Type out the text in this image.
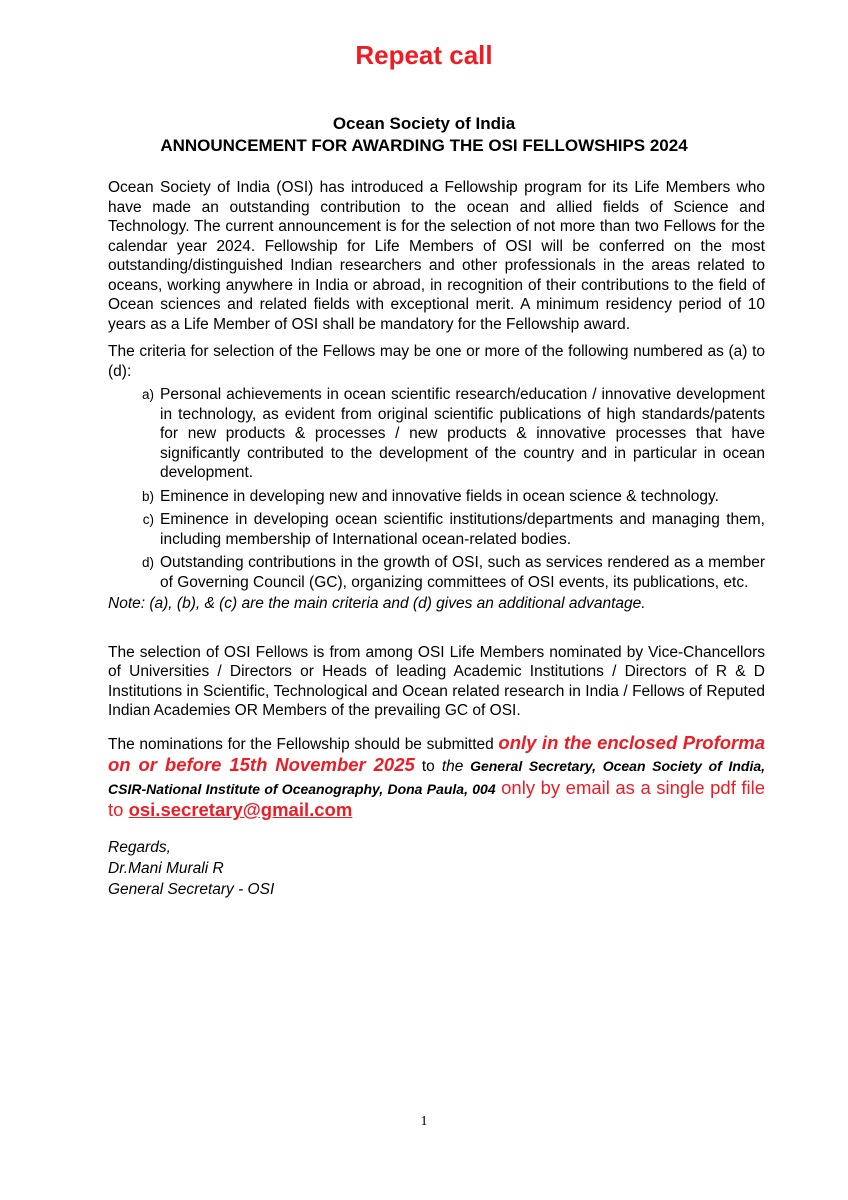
Repeat call
Ocean Society of India
ANNOUNCEMENT FOR AWARDING THE OSI FELLOWSHIPS 2024

Ocean Society of India (OSI) has introduced a Fellowship program for its Life Members who have made an outstanding contribution to the ocean and allied fields of Science and Technology. The current announcement is for the selection of not more than two Fellows for the calendar year 2024. Fellowship for Life Members of OSI will be conferred on the most outstanding/distinguished Indian researchers and other professionals in the areas related to oceans, working anywhere in India or abroad, in recognition of their contributions to the field of Ocean sciences and related fields with exceptional merit. A minimum residency period of 10 years as a Life Member of OSI shall be mandatory for the Fellowship award.

The criteria for selection of the Fellows may be one or more of the following numbered as (a) to (d):

a) Personal achievements in ocean scientific research/education / innovative development in technology, as evident from original scientific publications of high standards/patents for new products & processes / new products & innovative processes that have significantly contributed to the development of the country and in particular in ocean development.
b) Eminence in developing new and innovative fields in ocean science & technology.
c) Eminence in developing ocean scientific institutions/departments and managing them, including membership of International ocean-related bodies.
d) Outstanding contributions in the growth of OSI, such as services rendered as a member of Governing Council (GC), organizing committees of OSI events, its publications, etc.

Note: (a), (b), & (c) are the main criteria and (d) gives an additional advantage.

The selection of OSI Fellows is from among OSI Life Members nominated by Vice-Chancellors of Universities / Directors or Heads of leading Academic Institutions / Directors of R & D Institutions in Scientific, Technological and Ocean related research in India / Fellows of Reputed Indian Academies OR Members of the prevailing GC of OSI.

The nominations for the Fellowship should be submitted only in the enclosed Proforma on or before 15th November 2025 to the General Secretary, Ocean Society of India, CSIR-National Institute of Oceanography, Dona Paula, 004 only by email as a single pdf file to osi.secretary@gmail.com

Regards,
Dr.Mani Murali R
General Secretary - OSI
1
